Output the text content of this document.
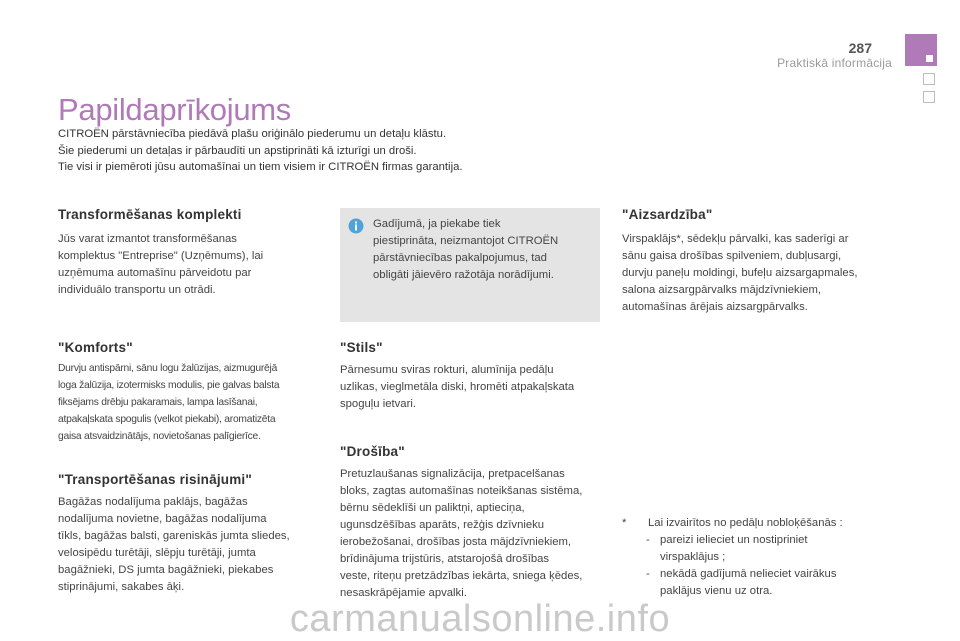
287
Praktiskā informācija
Papildaprīkojums
CITROËN pārstāvniecība piedāvā plašu oriģinālo piederumu un detaļu klāstu.
Šie piederumi un detaļas ir pārbaudīti un apstiprināti kā izturīgi un droši.
Tie visi ir piemēroti jūsu automašīnai un tiem visiem ir CITROËN firmas garantija.
Transformēšanas komplekti
Jūs varat izmantot transformēšanas
komplektus "Entreprise" (Uzņēmums), lai
uzņēmuma automašīnu pārveidotu par
individuālo transportu un otrādi.
"Komforts"
Durvju antispārni, sānu logu žalūzijas, aizmugurējā
loga žalūzija, izotermisks modulis, pie galvas balsta
fiksējams drēbju pakaramais, lampa lasīšanai,
atpakaļskata spogulis (velkot piekabi), aromatizēta
gaisa atsvaidzinātājs, novietošanas palīgierīce.
"Transportēšanas risinājumi"
Bagāžas nodalījuma paklājs, bagāžas
nodalījuma novietne, bagāžas nodalījuma
tīkls, bagāžas balsti, gareniskās jumta sliedes,
velosipēdu turētāji, slēpju turētāji, jumta
bagāžnieki, DS jumta bagāžnieki, piekabes
stiprinājumi, sakabes āķi.
Gadījumā, ja piekabe tiek
piestiprināta, neizmantojot CITROËN
pārstāvniecības pakalpojumus, tad
obligāti jāievēro ražotāja norādījumi.
"Stils"
Pārnesumu sviras rokturi, alumīnija pedāļu
uzlikas, vieglmetāla diski, hromēti atpakaļskata
spoguļu ietvari.
"Drošība"
Pretuzlaušanas signalizācija, pretpacelšanas
bloks, zagtas automašīnas noteikšanas sistēma,
bērnu sēdeklīši un paliktņi, aptieciņa,
ugunsdzēšības aparāts, režģis dzīvnieku
ierobežošanai, drošības josta mājdzīvniekiem,
brīdinājuma trijstūris, atstarojošā drošības
veste, riteņu pretzādzības iekārta, sniega ķēdes,
nesaskrāpējamie apvalki.
"Aizsardzība"
Virspaklājs*, sēdekļu pārvalki, kas saderīgi ar
sānu gaisa drošības spilveniem, dubļusargi,
durvju paneļu moldingi, bufeļu aizsargapmales,
salona aizsargpārvalks mājdzīvniekiem,
automašīnas ārējais aizsargpārvalks.
* Lai izvairītos no pedāļu nobloķēšanās :
- pareizi ielieciet un nostipriniet
virspaklājus ;
- nekādā gadījumā nelieciet vairākus
paklājus vienu uz otra.
carmanualsonline.info
